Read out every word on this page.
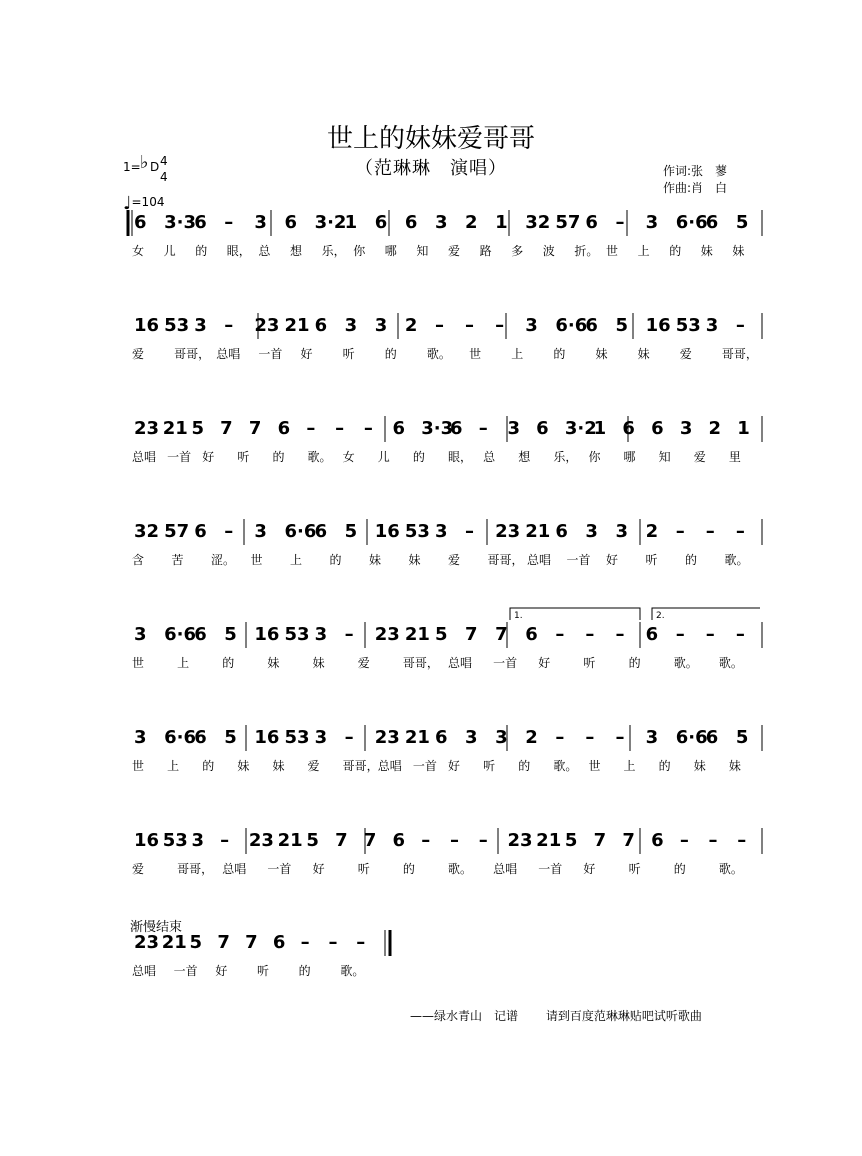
世上的妹妹爱哥哥
（范琳琳　演唱）	作词:张　蓼
作曲:肖　白
1= ♭ D 4
4
♩=104
6 3·3
6 – 3 6 3·2
1 6 6 3 2 1 32 57 6 – 3 6·6
6 5
女 儿 的 眼， 总 想 乐， 你 哪 知 爱 路 多 波 折。 世 上 的 妹 妹
16 53 3 – 23 21 6 3 3 2 – – – 3 6·6
6 5 16 53 3 –
爱	哥哥， 总唱 一首 好	听	的	歌。 世	上	的	妹	妹	爱	哥哥，
23 21 5 7 7 6 – – – 6 3·3
6 – 3 6 3·2
1 6 6 3 2 1
总唱 一首 好 听 的 歌。 女 儿 的 眼， 总 想 乐， 你 哪 知 爱 里
32 57 6 – 3 6·6
6 5 16 53 3 – 23 21 6 3 3 2 – – –
含 苦 涩。 世 上 的 妹 妹 爱 哥哥， 总唱 一首 好 听 的 歌。
3 6·6
6 5 16 53 3 – 23 21 5 7 7 6 – – – 6 – – –
世	上	的	妹	妹	爱	哥哥， 总唱 一首 好	听	的	歌。 歌。
3 6·6
6 5 16 53 3 – 23 21 6 3 3 2 – – – 3 6·6
6 5
世 上 的 妹 妹 爱 哥哥， 总唱 一首 好 听 的 歌。 世 上 的 妹 妹
16 53 3 – 23 21 5 7 7 6 – – – 23 21 5 7 7 6 – – –
爱	哥哥， 总唱 一首 好	听	的	歌。 总唱 一首 好	听	的	歌。
23 21 5 7 7 6 – – –
总唱 一首 好 听 的 歌。
1.	2.
渐慢结束
——绿水青山　记谱 请到百度范琳琳贴吧试听歌曲
